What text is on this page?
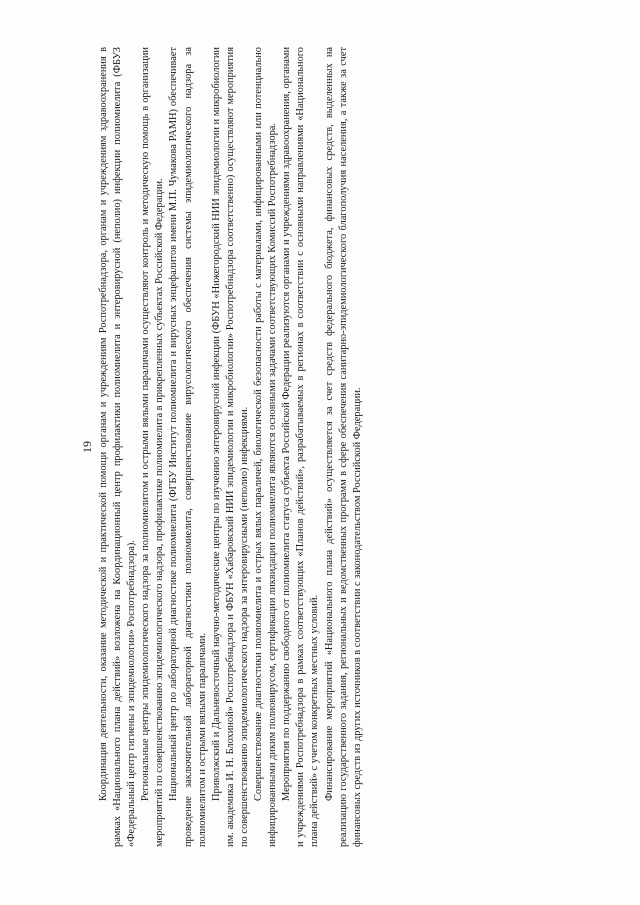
19 Координация деятельности, оказание методической и практической помощи органам и учреждениям Роспотребнадзора, органам и учреждениям здравоохранения в рамках «Национального плана действий» возложена на Координационный центр профилактики полиомиелита и энтеровирусной (неполио) инфекции полиомиелита (ФБУЗ «Федеральный центр гигиены и эпидемиологии» Роспотребнадзора). Региональные центры эпидемиологического надзора за полиомиелитом и острыми вялыми параличами осуществляют контроль и методическую помощь в организации мероприятий по совершенствованию эпидемиологического надзора, профилактике полиомиелита в прикрепленных субъектах Российской Федерации. Национальный центр по лабораторной диагностике полиомиелита (ФГБУ Институт полиомиелита и вирусных энцефалитов имени М.П. Чумакова РАМН) обеспечивает проведение заключительной лабораторной диагностики полиомиелита, совершенствование вирусологического обеспечения системы эпидемиологического надзора за полиомиелитом и острыми вялыми параличами. Приволжский и Дальневосточный научно-методические центры по изучению энтеровирусной инфекции (ФБУН «Нижегородский НИИ эпидемиологии и микробиологии им. академика И. Н. Блохиной» Роспотребнадзора и ФБУН «Хабаровский НИИ эпидемиологии и микробиологии» Роспотребнадзора соответственно) осуществляют мероприятия по совершенствованию эпидемиологического надзора за энтеровирусными (неполио) инфекциями. Совершенствование диагностики полиомиелита и острых вялых параличей, биологической безопасности работы с материалами, инфицированными или потенциально инфицированными диким полиовирусом, сертификации ликвидации полиомиелита являются основными задачами соответствующих Комиссий Роспотребнадзора. Мероприятия по поддержанию свободного от полиомиелита статуса субъекта Российской Федерации реализуются органами и учреждениями здравоохранения, органами и учреждениями Роспотребнадзора в рамках соответствующих «Планов действий», разрабатываемых в регионах в соответствии с основными направлениями «Национального плана действий» с учетом конкретных местных условий. Финансирование мероприятий «Национального плана действий» осуществляется за счет средств федерального бюджета, финансовых средств, выделенных на реализацию государственного задания, региональных и ведомственных программ в сфере обеспечения санитарно-эпидемиологического благополучия населения, а также за счет финансовых средств из других источников в соответствии с законодательством Российской Федерации.
